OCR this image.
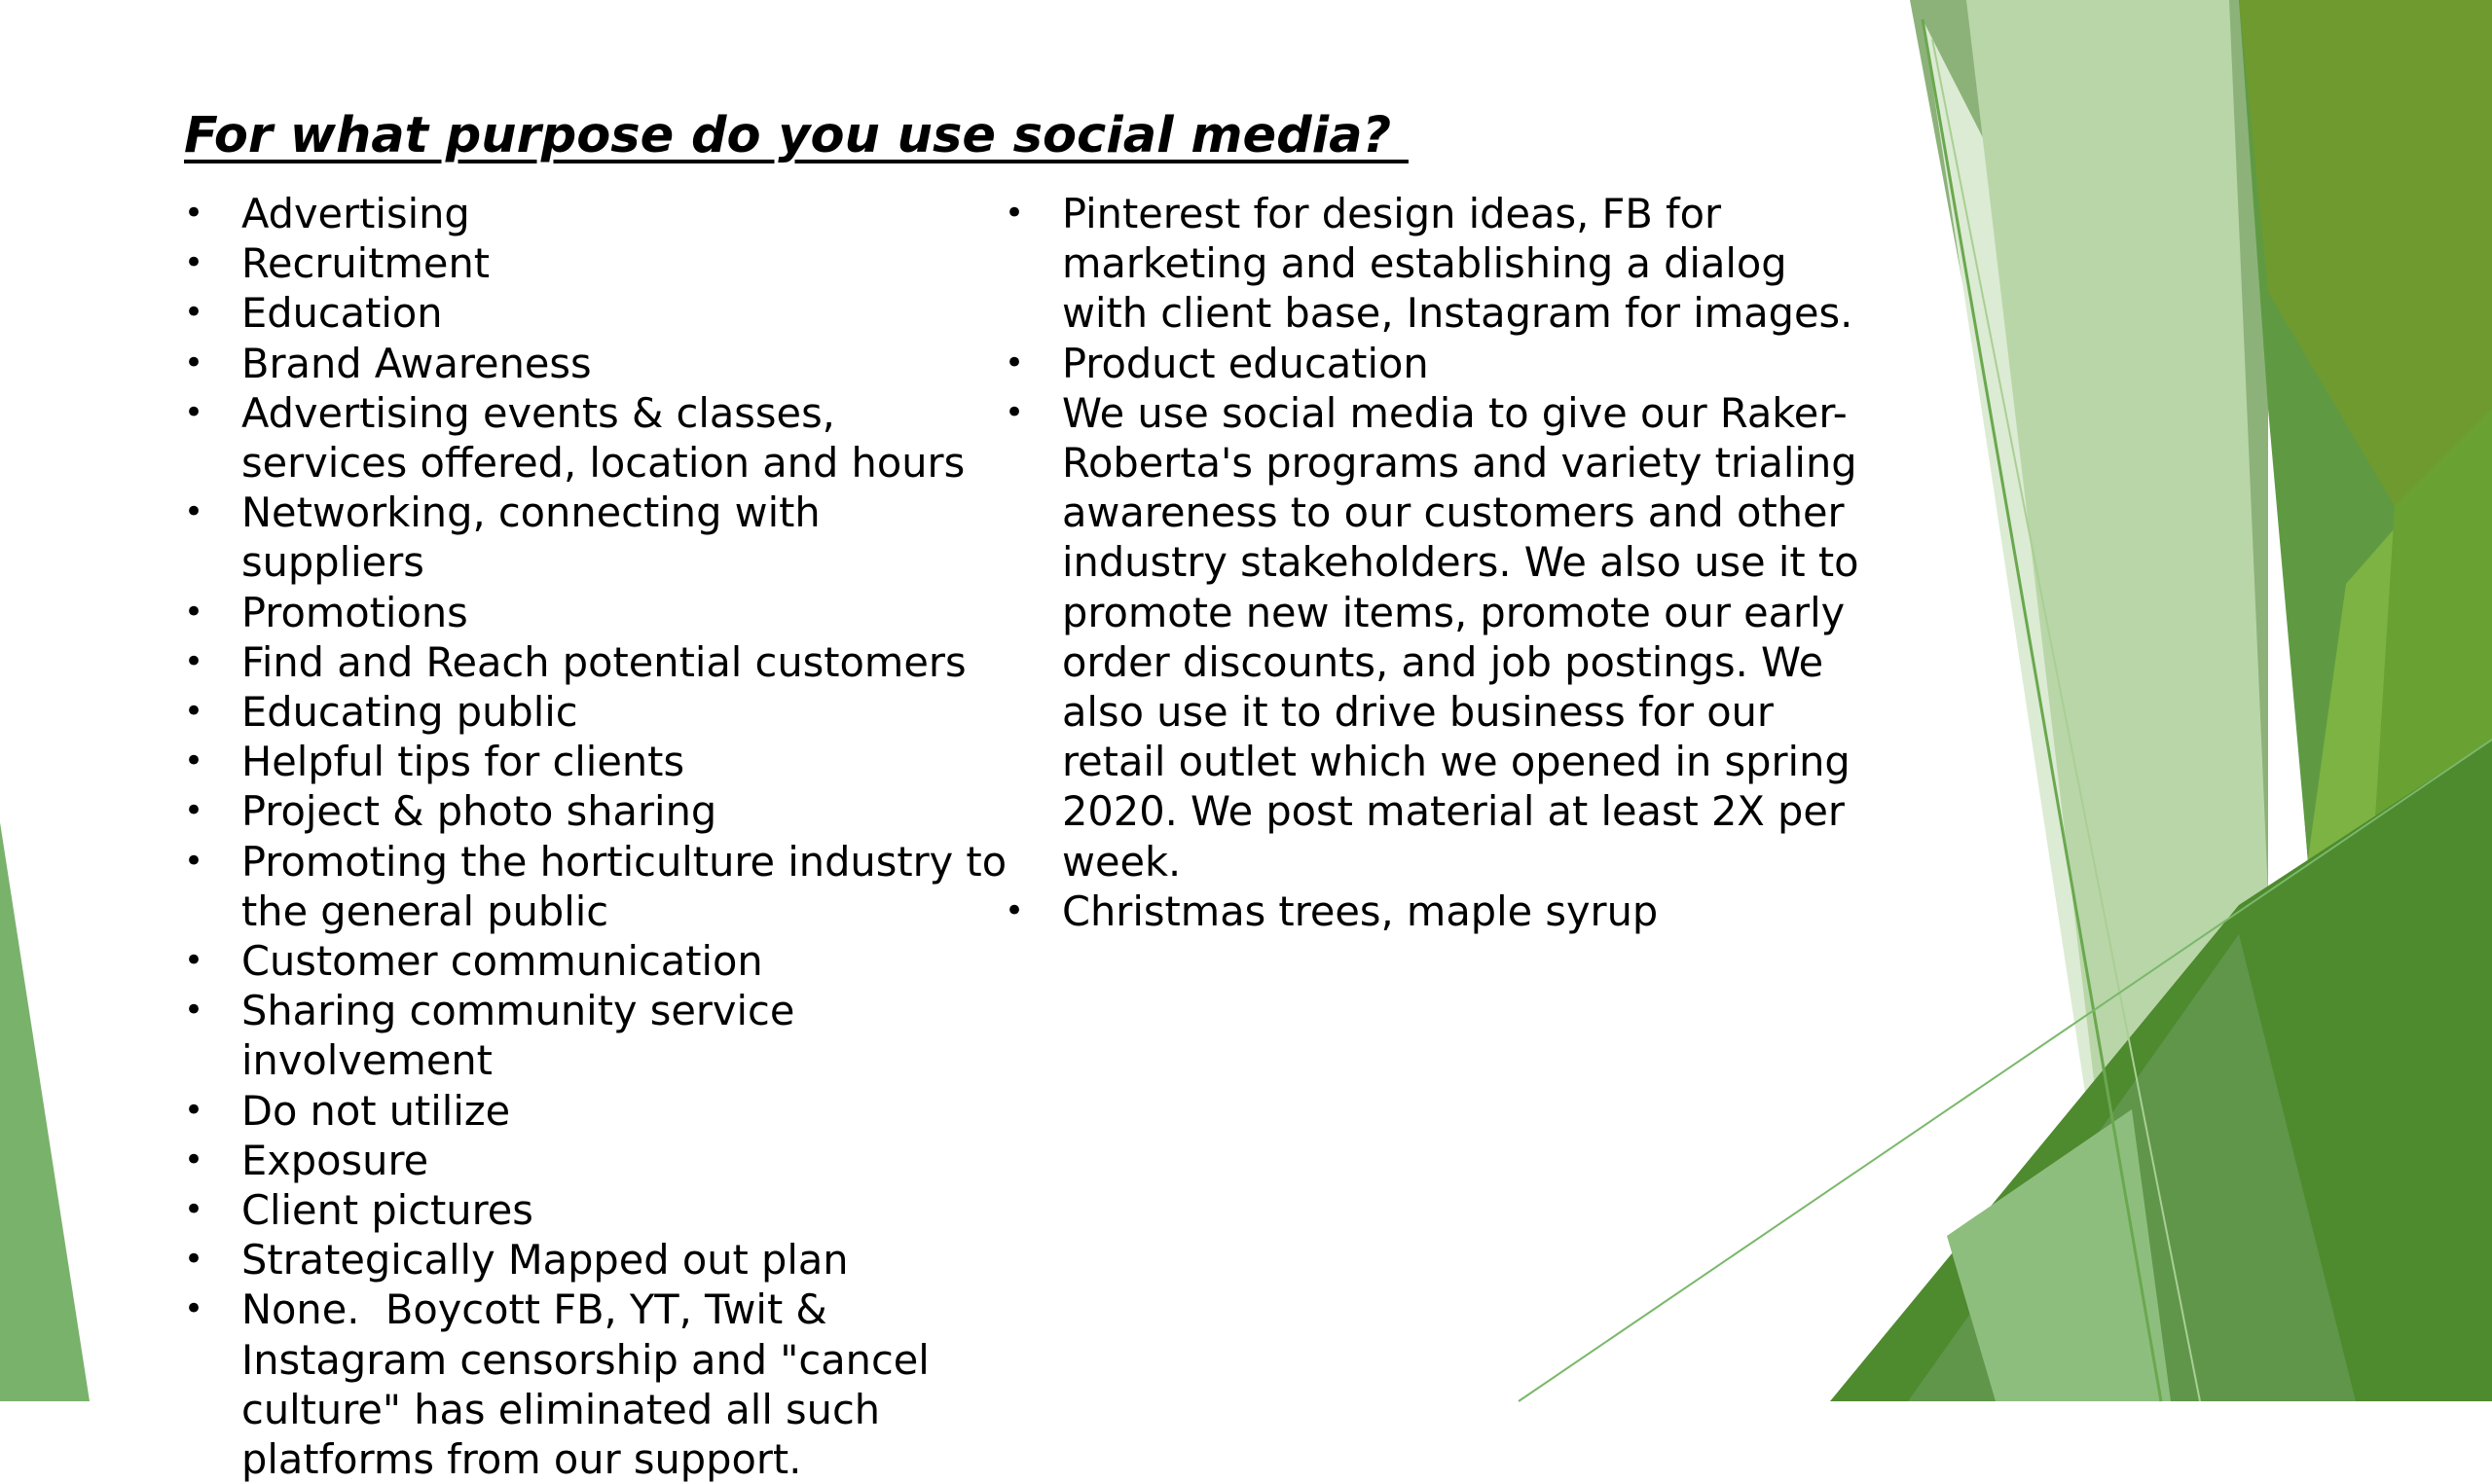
For what purpose do you use social media?
• Advertising
• Recruitment
• Education
• Brand Awareness
• Advertising events & classes, services offered, location and hours
• Networking, connecting with suppliers
• Promotions
• Find and Reach potential customers
• Educating public
• Helpful tips for clients
• Project & photo sharing
• Promoting the horticulture industry to the general public
• Customer communication
• Sharing community service involvement
• Do not utilize
• Exposure
• Client pictures
• Strategically Mapped out plan
• None.  Boycott FB, YT, Twit & Instagram censorship and "cancel culture" has eliminated all such platforms from our support.
• Pinterest for design ideas, FB for marketing and establishing a dialog with client base, Instagram for images.
• Product education
• We use social media to give our Raker-Roberta's programs and variety trialing awareness to our customers and other industry stakeholders. We also use it to promote new items, promote our early order discounts, and job postings. We also use it to drive business for our retail outlet which we opened in spring 2020. We post material at least 2X per week.
• Christmas trees, maple syrup
